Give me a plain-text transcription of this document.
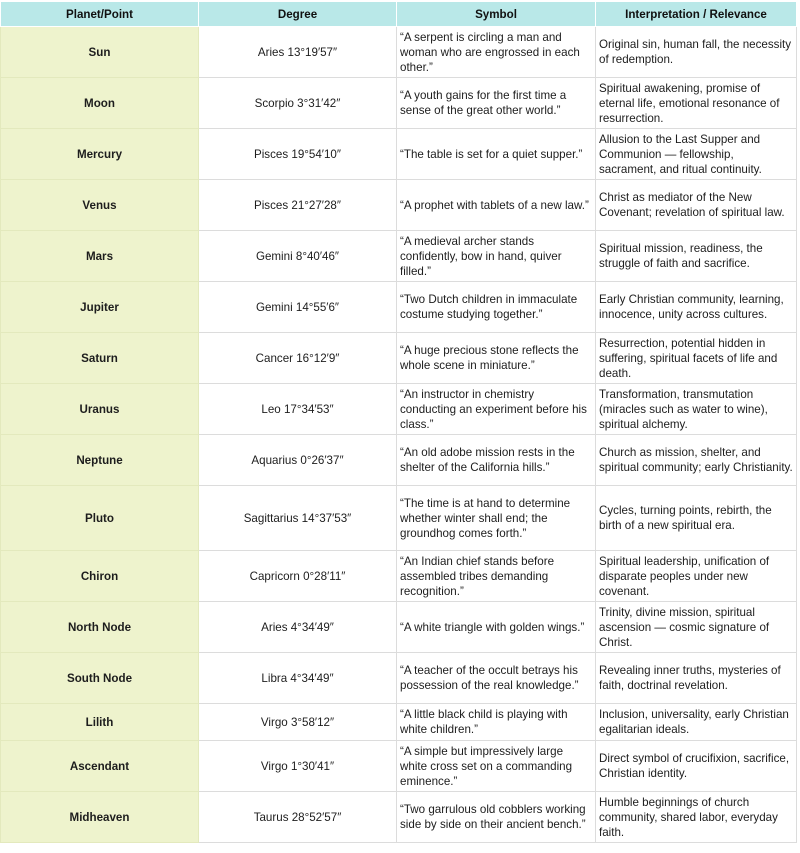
Planet/Point	Degree	Symbol	Interpretation / Relevance
Sun	Aries 13°19′57″	“A serpent is circling a man and woman who are engrossed in each other.”	Original sin, human fall, the necessity of redemption.
Moon	Scorpio 3°31′42″	“A youth gains for the first time a sense of the great other world.”	Spiritual awakening, promise of eternal life, emotional resonance of resurrection.
Mercury	Pisces 19°54′10″	“The table is set for a quiet supper.”	Allusion to the Last Supper and Communion — fellowship, sacrament, and ritual continuity.
Venus	Pisces 21°27′28″	“A prophet with tablets of a new law.”	Christ as mediator of the New Covenant; revelation of spiritual law.
Mars	Gemini 8°40′46″	“A medieval archer stands confidently, bow in hand, quiver filled.”	Spiritual mission, readiness, the struggle of faith and sacrifice.
Jupiter	Gemini 14°55′6″	“Two Dutch children in immaculate costume studying together.”	Early Christian community, learning, innocence, unity across cultures.
Saturn	Cancer 16°12′9″	“A huge precious stone reflects the whole scene in miniature.”	Resurrection, potential hidden in suffering, spiritual facets of life and death.
Uranus	Leo 17°34′53″	“An instructor in chemistry conducting an experiment before his class.”	Transformation, transmutation (miracles such as water to wine), spiritual alchemy.
Neptune	Aquarius 0°26′37″	“An old adobe mission rests in the shelter of the California hills.”	Church as mission, shelter, and spiritual community; early Christianity.
Pluto	Sagittarius 14°37′53″	“The time is at hand to determine whether winter shall end; the groundhog comes forth.”	Cycles, turning points, rebirth, the birth of a new spiritual era.
Chiron	Capricorn 0°28′11″	“An Indian chief stands before assembled tribes demanding recognition.”	Spiritual leadership, unification of disparate peoples under new covenant.
North Node	Aries 4°34′49″	“A white triangle with golden wings.”	Trinity, divine mission, spiritual ascension — cosmic signature of Christ.
South Node	Libra 4°34′49″	“A teacher of the occult betrays his possession of the real knowledge.”	Revealing inner truths, mysteries of faith, doctrinal revelation.
Lilith	Virgo 3°58′12″	“A little black child is playing with white children.”	Inclusion, universality, early Christian egalitarian ideals.
Ascendant	Virgo 1°30′41″	“A simple but impressively large white cross set on a commanding eminence.”	Direct symbol of crucifixion, sacrifice, Christian identity.
Midheaven	Taurus 28°52′57″	“Two garrulous old cobblers working side by side on their ancient bench.”	Humble beginnings of church community, shared labor, everyday faith.
